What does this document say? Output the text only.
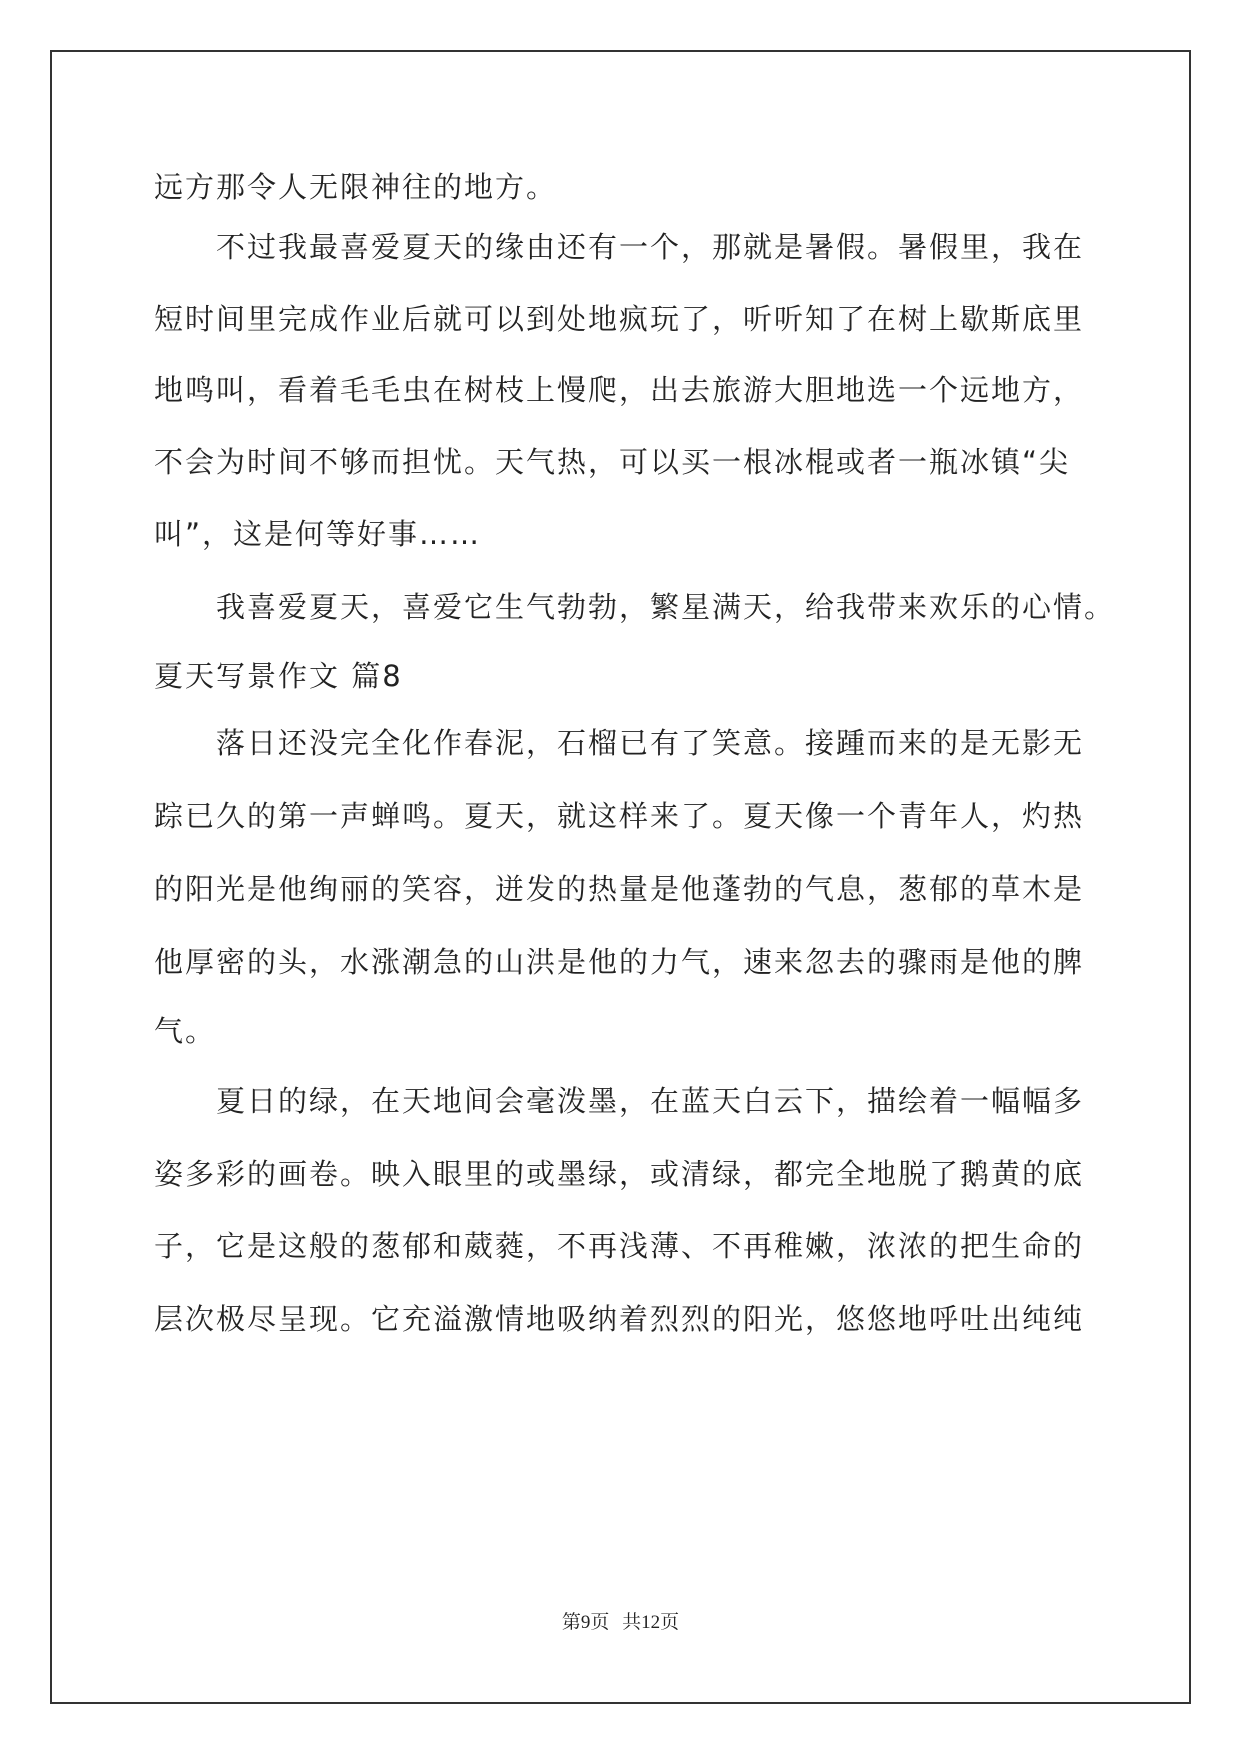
远方那令人无限神往的地方。
　　不过我最喜爱夏天的缘由还有一个，那就是暑假。暑假里，我在
短时间里完成作业后就可以到处地疯玩了，听听知了在树上歇斯底里
地鸣叫，看着毛毛虫在树枝上慢爬，出去旅游大胆地选一个远地方，
不会为时间不够而担忧。天气热，可以买一根冰棍或者一瓶冰镇“尖
叫”，这是何等好事……
　　我喜爱夏天，喜爱它生气勃勃，繁星满天，给我带来欢乐的心情。
夏天写景作文 篇8
　　落日还没完全化作春泥，石榴已有了笑意。接踵而来的是无影无
踪已久的第一声蝉鸣。夏天，就这样来了。夏天像一个青年人，灼热
的阳光是他绚丽的笑容，迸发的热量是他蓬勃的气息，葱郁的草木是
他厚密的头，水涨潮急的山洪是他的力气，速来忽去的骤雨是他的脾
气。
　　夏日的绿，在天地间会毫泼墨，在蓝天白云下，描绘着一幅幅多
姿多彩的画卷。映入眼里的或墨绿，或清绿，都完全地脱了鹅黄的底
子，它是这般的葱郁和葳蕤，不再浅薄、不再稚嫩，浓浓的把生命的
层次极尽呈现。它充溢激情地吸纳着烈烈的阳光，悠悠地呼吐出纯纯
第9页 共12页
